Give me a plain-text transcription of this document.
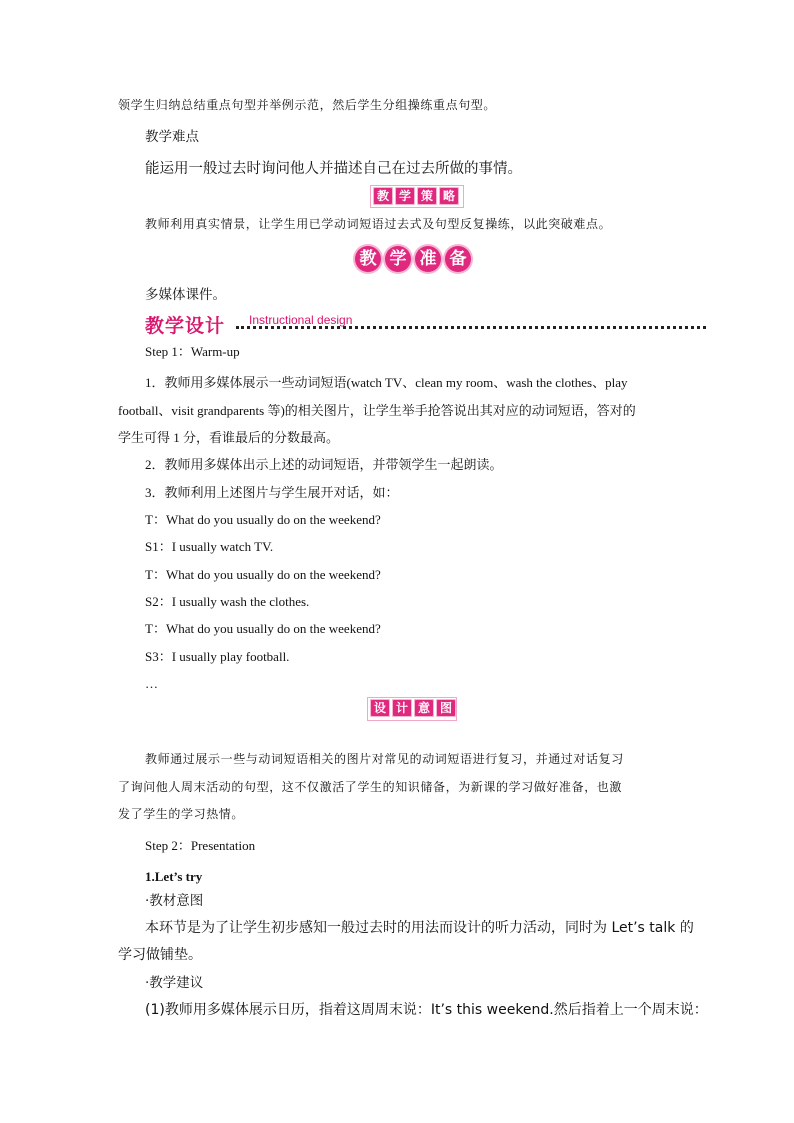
领学生归纳总结重点句型并举例示范，然后学生分组操练重点句型。
教学难点
能运用一般过去时询问他人并描述自己在过去所做的事情。
教 学 策 略
教师利用真实情景，让学生用已学动词短语过去式及句型反复操练，以此突破难点。
教 学 准 备
多媒体课件。
教学设计 Instructional design
Step 1：Warm-up
1．教师用多媒体展示一些动词短语(watch TV、clean my room、wash the clothes、play
football、visit grandparents 等)的相关图片，让学生举手抢答说出其对应的动词短语，答对的
学生可得 1 分，看谁最后的分数最高。
2．教师用多媒体出示上述的动词短语，并带领学生一起朗读。
3．教师利用上述图片与学生展开对话，如：
T：What do you usually do on the weekend?
S1：I usually watch TV.
T：What do you usually do on the weekend?
S2：I usually wash the clothes.
T：What do you usually do on the weekend?
S3：I usually play football.
…
设 计 意 图
教师通过展示一些与动词短语相关的图片对常见的动词短语进行复习，并通过对话复习
了询问他人周末活动的句型，这不仅激活了学生的知识储备，为新课的学习做好准备，也激
发了学生的学习热情。
Step 2：Presentation
1.Let’s try
·教材意图
本环节是为了让学生初步感知一般过去时的用法而设计的听力活动，同时为 Let’s talk 的
学习做铺垫。
·教学建议
(1)教师用多媒体展示日历，指着这周周末说：It’s this weekend.然后指着上一个周末说：
